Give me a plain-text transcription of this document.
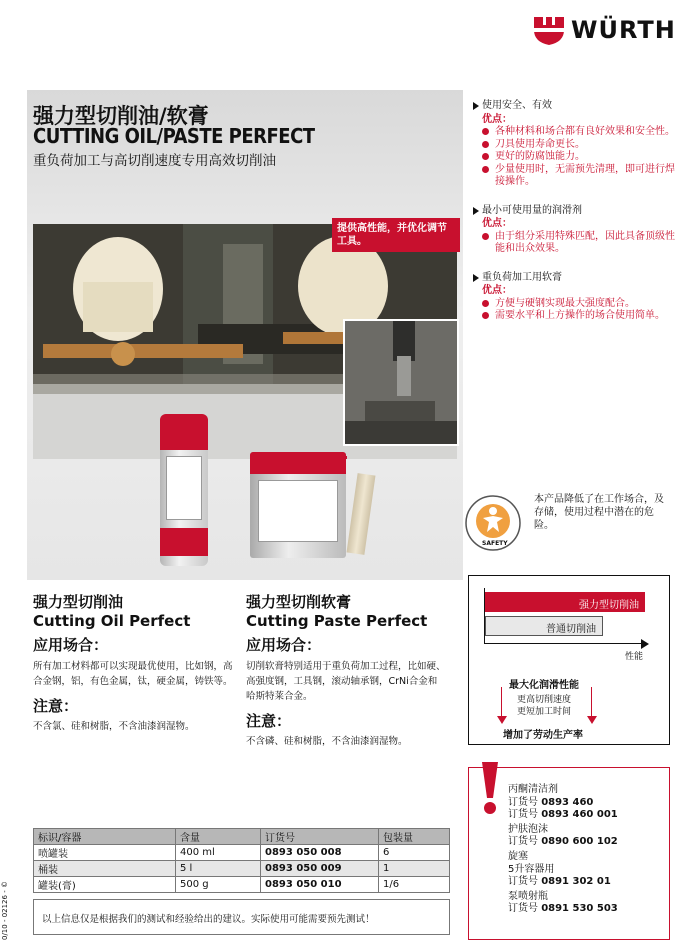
WÜRTH
强力型切削油/软膏
CUTTING OIL/PASTE PERFECT
重负荷加工与高切削速度专用高效切削油
提供高性能，并优化调节工具。
使用安全、有效
优点：
各种材料和场合都有良好效果和安全性。
刀具使用寿命更长。
更好的防腐蚀能力。
少量使用时，无需预先清理，即可进行焊接操作。
最小可使用量的润滑剂
优点：
由于组分采用特殊匹配，因此具备顶级性能和出众效果。
重负荷加工用软膏
优点：
方便与硬钢实现最大强度配合。
需要水平和上方操作的场合使用简单。
SAFETY
本产品降低了在工作场合，及存储，使用过程中潜在的危险。
强力型切削油
Cutting Oil Perfect
应用场合：
所有加工材料都可以实现最优使用，比如钢，高合金钢，铝，有色金属，钛，硬金属，铸铁等。
注意：
不含氯、硅和树脂，不含油漆润湿物。
强力型切削软膏
Cutting Paste Perfect
应用场合：
切削软膏特别适用于重负荷加工过程，比如硬、高强度钢，工具钢，滚动轴承钢，CrNi合金和哈斯特莱合金。
注意：
不含磷、硅和树脂，不含油漆润湿物。
强力型切削油
普通切削油
性能
最大化润滑性能
更高切削速度
更短加工时间
增加了劳动生产率
标识/容器	含量	订货号	包装量
喷罐装	400 ml	0893 050 008	6
桶装	5 l	0893 050 009	1
罐装(膏)	500 g	0893 050 010	1/6
以上信息仅是根据我们的测试和经验给出的建议。实际使用可能需要预先测试！
丙酮清洁剂
订货号 0893 460
订货号 0893 460 001
护肤泡沫
订货号 0890 600 102
旋塞
5升容器用
订货号 0891 302 01
泵喷射瓶
订货号 0891 530 503
0/10 - 02126 - ©
